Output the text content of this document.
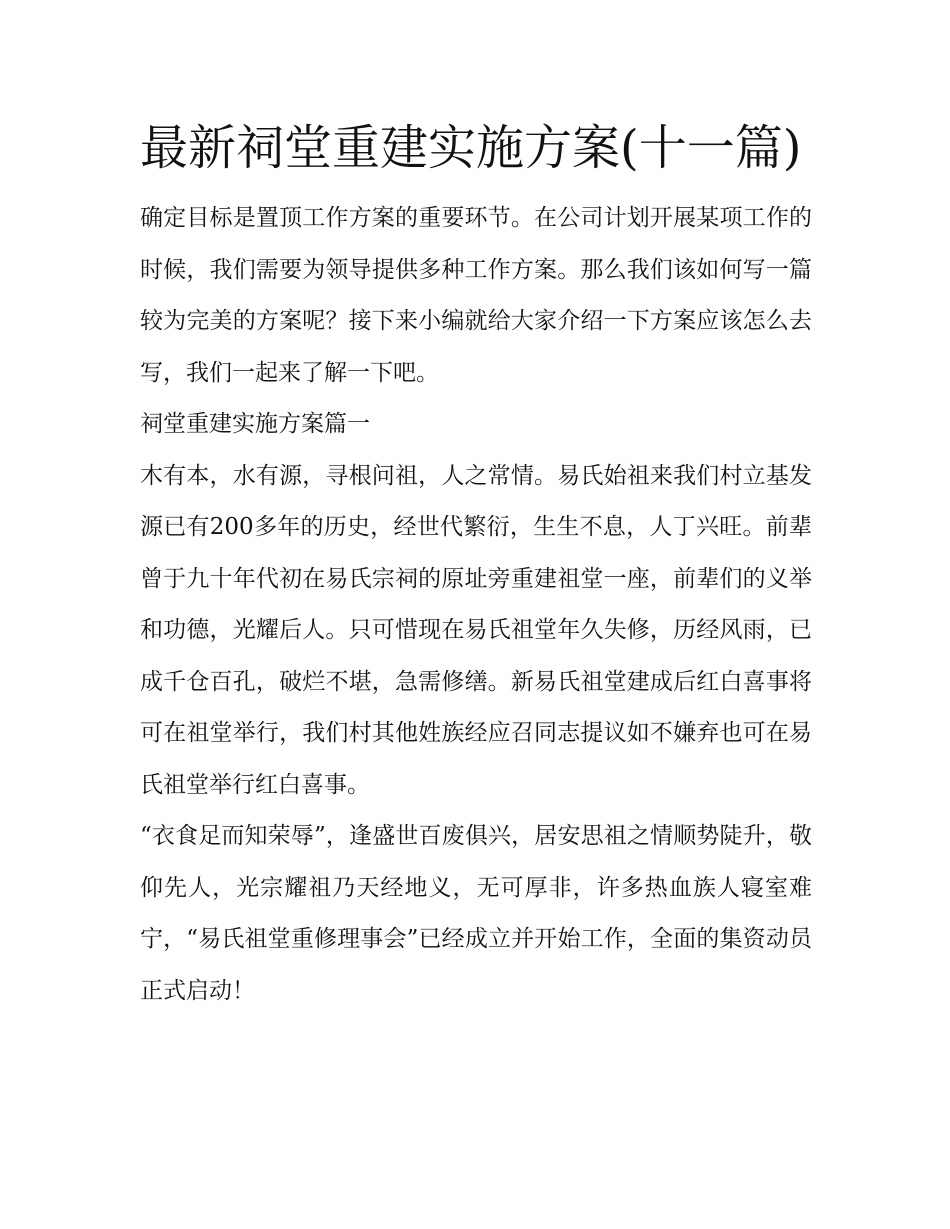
最新祠堂重建实施方案(十一篇)

确定目标是置顶工作方案的重要环节。在公司计划开展某项工作的时候，我们需要为领导提供多种工作方案。那么我们该如何写一篇较为完美的方案呢？接下来小编就给大家介绍一下方案应该怎么去写，我们一起来了解一下吧。

祠堂重建实施方案篇一

木有本，水有源，寻根问祖，人之常情。易氏始祖来我们村立基发源已有200多年的历史，经世代繁衍，生生不息，人丁兴旺。前辈曾于九十年代初在易氏宗祠的原址旁重建祖堂一座，前辈们的义举和功德，光耀后人。只可惜现在易氏祖堂年久失修，历经风雨，已成千仓百孔，破烂不堪，急需修缮。新易氏祖堂建成后红白喜事将可在祖堂举行，我们村其他姓族经应召同志提议如不嫌弃也可在易氏祖堂举行红白喜事。

“衣食足而知荣辱”，逢盛世百废俱兴，居安思祖之情顺势陡升，敬仰先人，光宗耀祖乃天经地义，无可厚非，许多热血族人寝室难宁，“易氏祖堂重修理事会”已经成立并开始工作，全面的集资动员正式启动！
